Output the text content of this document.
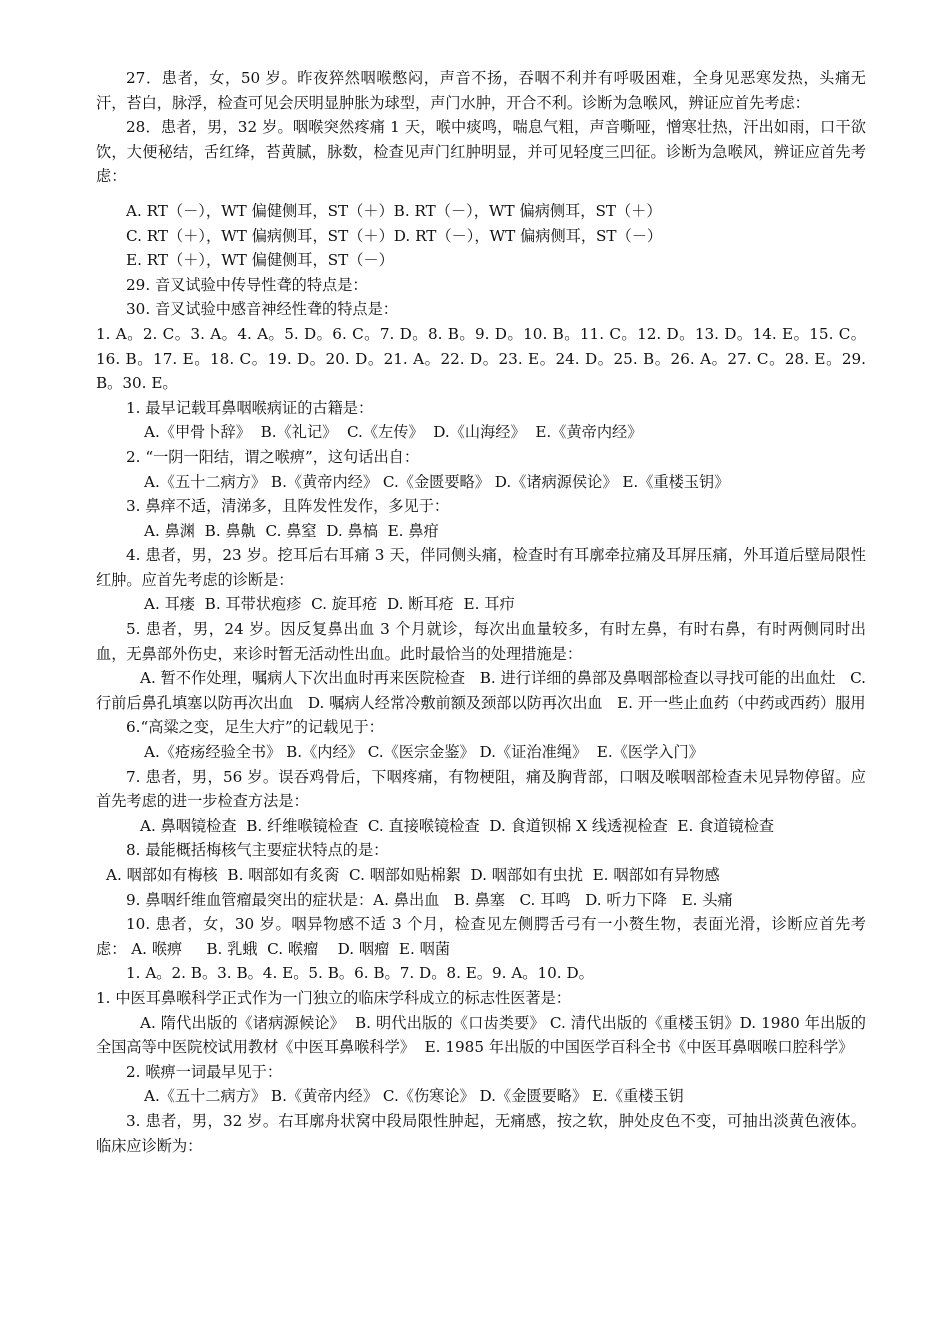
27．患者，女，50 岁。昨夜猝然咽喉憋闷，声音不扬，吞咽不利并有呼吸困难，全身见恶寒发热，头痛无汗，苔白，脉浮，检查可见会厌明显肿胀为球型，声门水肿，开合不利。诊断为急喉风，辨证应首先考虑：

28．患者，男，32 岁。咽喉突然疼痛 1 天，喉中痰鸣，喘息气粗，声音嘶哑，憎寒壮热，汗出如雨，口干欲饮，大便秘结，舌红绛，苔黄腻，脉数，检查见声门红肿明显，并可见轻度三凹征。诊断为急喉风，辨证应首先考虑：

A. RT（－），WT 偏健侧耳，ST（＋）B. RT（－），WT 偏病侧耳，ST（＋）

C. RT（＋），WT 偏病侧耳，ST（＋）D. RT（－），WT 偏病侧耳，ST（－）

E. RT（＋），WT 偏健侧耳，ST（－）

29. 音叉试验中传导性聋的特点是：

30. 音叉试验中感音神经性聋的特点是：

1. A。2. C。3. A。4. A。5. D。6. C。7. D。8. B。9. D。10. B。11. C。12. D。13. D。14. E。15. C。16. B。17. E。18. C。19. D。20. D。21. A。22. D。23. E。24. D。25. B。26. A。27. C。28. E。29. B。30. E。

1. 最早记载耳鼻咽喉病证的古籍是：

A.《甲骨卜辞》  B.《礼记》  C.《左传》  D.《山海经》  E.《黄帝内经》

2. “一阴一阳结，谓之喉痹”，这句话出自：

A.《五十二病方》 B.《黄帝内经》 C.《金匮要略》 D.《诸病源侯论》 E.《重楼玉钥》

3. 鼻痒不适，清涕多，且阵发性发作，多见于：

A. 鼻渊  B. 鼻鼽  C. 鼻窒  D. 鼻槁  E. 鼻疳

4. 患者，男，23 岁。挖耳后右耳痛 3 天，伴同侧头痛，检查时有耳廓牵拉痛及耳屏压痛，外耳道后壁局限性红肿。应首先考虑的诊断是：

A. 耳瘘  B. 耳带状疱疹  C. 旋耳疮  D. 断耳疮  E. 耳疖

5. 患者，男，24 岁。因反复鼻出血 3 个月就诊，每次出血量较多，有时左鼻，有时右鼻，有时两侧同时出血，无鼻部外伤史，来诊时暂无活动性出血。此时最恰当的处理措施是：

A. 暂不作处理，嘱病人下次出血时再来医院检查   B. 进行详细的鼻部及鼻咽部检查以寻找可能的出血灶   C. 行前后鼻孔填塞以防再次出血   D. 嘱病人经常冷敷前额及颈部以防再次出血   E. 开一些止血药（中药或西药）服用

6.“高粱之变，足生大疔”的记载见于：

A.《疮疡经验全书》 B.《内经》 C.《医宗金鉴》 D.《证治准绳》  E.《医学入门》

7. 患者，男，56 岁。误吞鸡骨后，下咽疼痛，有物梗阻，痛及胸背部，口咽及喉咽部检查未见异物停留。应首先考虑的进一步检查方法是：

A. 鼻咽镜检查  B. 纤维喉镜检查  C. 直接喉镜检查  D. 食道钡棉 X 线透视检查  E. 食道镜检查

8. 最能概括梅核气主要症状特点的是：

A. 咽部如有梅核  B. 咽部如有炙脔  C. 咽部如贴棉絮  D. 咽部如有虫扰  E. 咽部如有异物感

9. 鼻咽纤维血管瘤最突出的症状是：A. 鼻出血   B. 鼻塞   C. 耳鸣   D. 听力下降   E. 头痛

10. 患者，女，30 岁。咽异物感不适 3 个月，检查见左侧腭舌弓有一小赘生物，表面光滑，诊断应首先考虑： A. 喉痹     B. 乳蛾  C. 喉瘤    D. 咽瘤  E. 咽菌

1. A。2. B。3. B。4. E。5. B。6. B。7. D。8. E。9. A。10. D。

1. 中医耳鼻喉科学正式作为一门独立的临床学科成立的标志性医著是：

A. 隋代出版的《诸病源候论》  B. 明代出版的《口齿类要》 C. 清代出版的《重楼玉钥》D. 1980 年出版的全国高等中医院校试用教材《中医耳鼻喉科学》  E. 1985 年出版的中国医学百科全书《中医耳鼻咽喉口腔科学》

2. 喉痹一词最早见于：

A.《五十二病方》 B.《黄帝内经》 C.《伤寒论》 D.《金匮要略》 E.《重楼玉钥

3. 患者，男，32 岁。右耳廓舟状窝中段局限性肿起，无痛感，按之软，肿处皮色不变，可抽出淡黄色液体。临床应诊断为：
